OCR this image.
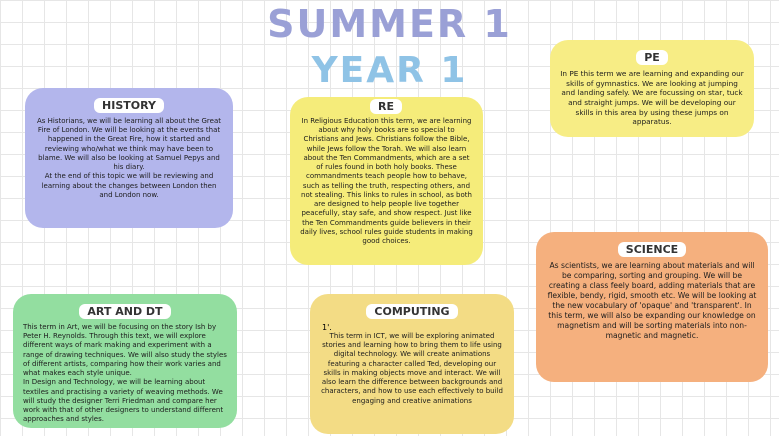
SUMMER 1
YEAR 1
HISTORY
As Historians, we will be learning all about the Great Fire of London. We will be looking at the events that happened in the Great Fire, how it started and reviewing who/what we think may have been to blame. We will also be looking at Samuel Pepys and his diary.
At the end of this topic we will be reviewing and learning about the changes between London then and London now.
RE
In Religious Education this term, we are learning about why holy books are so special to Christians and Jews. Christians follow the Bible, while Jews follow the Torah. We will also learn about the Ten Commandments, which are a set of rules found in both holy books. These commandments teach people how to behave, such as telling the truth, respecting others, and not stealing. This links to rules in school, as both are designed to help people live together peacefully, stay safe, and show respect. Just like the Ten Commandments guide believers in their daily lives, school rules guide students in making good choices.
PE
In PE this term we are learning and expanding our skills of gymnastics. We are looking at jumping and landing safely. We are focussing on star, tuck and straight jumps. We will be developing our skills in this area by using these jumps on apparatus.
SCIENCE
As scientists, we are learning about materials and will be comparing, sorting and grouping. We will be creating a class feely board, adding materials that are flexible, bendy, rigid, smooth etc. We will be looking at the new vocabulary of 'opaque' and 'transparent'. In this term, we will also be expanding our knowledge on magnetism and will be sorting materials into non-magnetic and magnetic.
ART AND DT
This term in Art, we will be focusing on the story Ish by Peter H. Reynolds. Through this text, we will explore different ways of mark making and experiment with a range of drawing techniques. We will also study the styles of different artists, comparing how their work varies and what makes each style unique.
In Design and Technology, we will be learning about textiles and practising a variety of weaving methods. We will study the designer Terri Friedman and compare her work with that of other designers to understand different approaches and styles.
COMPUTING
1'.
This term in ICT, we will be exploring animated stories and learning how to bring them to life using digital technology. We will create animations featuring a character called Ted, developing our skills in making objects move and interact. We will also learn the difference between backgrounds and characters, and how to use each effectively to build engaging and creative animations
